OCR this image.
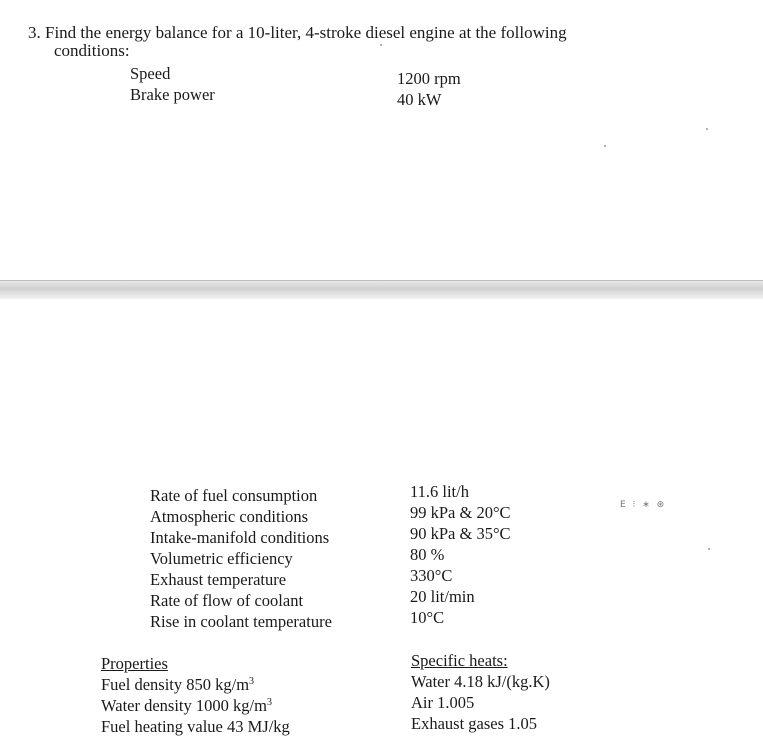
3. Find the energy balance for a 10-liter, 4-stroke diesel engine at the following
conditions:
Speed
Brake power
1200 rpm
40 kW
Rate of fuel consumption
Atmospheric conditions
Intake-manifold conditions
Volumetric efficiency
Exhaust temperature
Rate of flow of coolant
Rise in coolant temperature
11.6 lit/h
99 kPa & 20°C
90 kPa & 35°C
80 %
330°C
20 lit/min
10°C
E ⁝ ∗ ⊛
Properties
Fuel density 850 $kg/m^3$
Water density 1000 $kg/m^3$
Fuel heating value 43 MJ/kg
Specific heats:
Water 4.18 kJ/(kg.K)
Air 1.005
Exhaust gases 1.05
